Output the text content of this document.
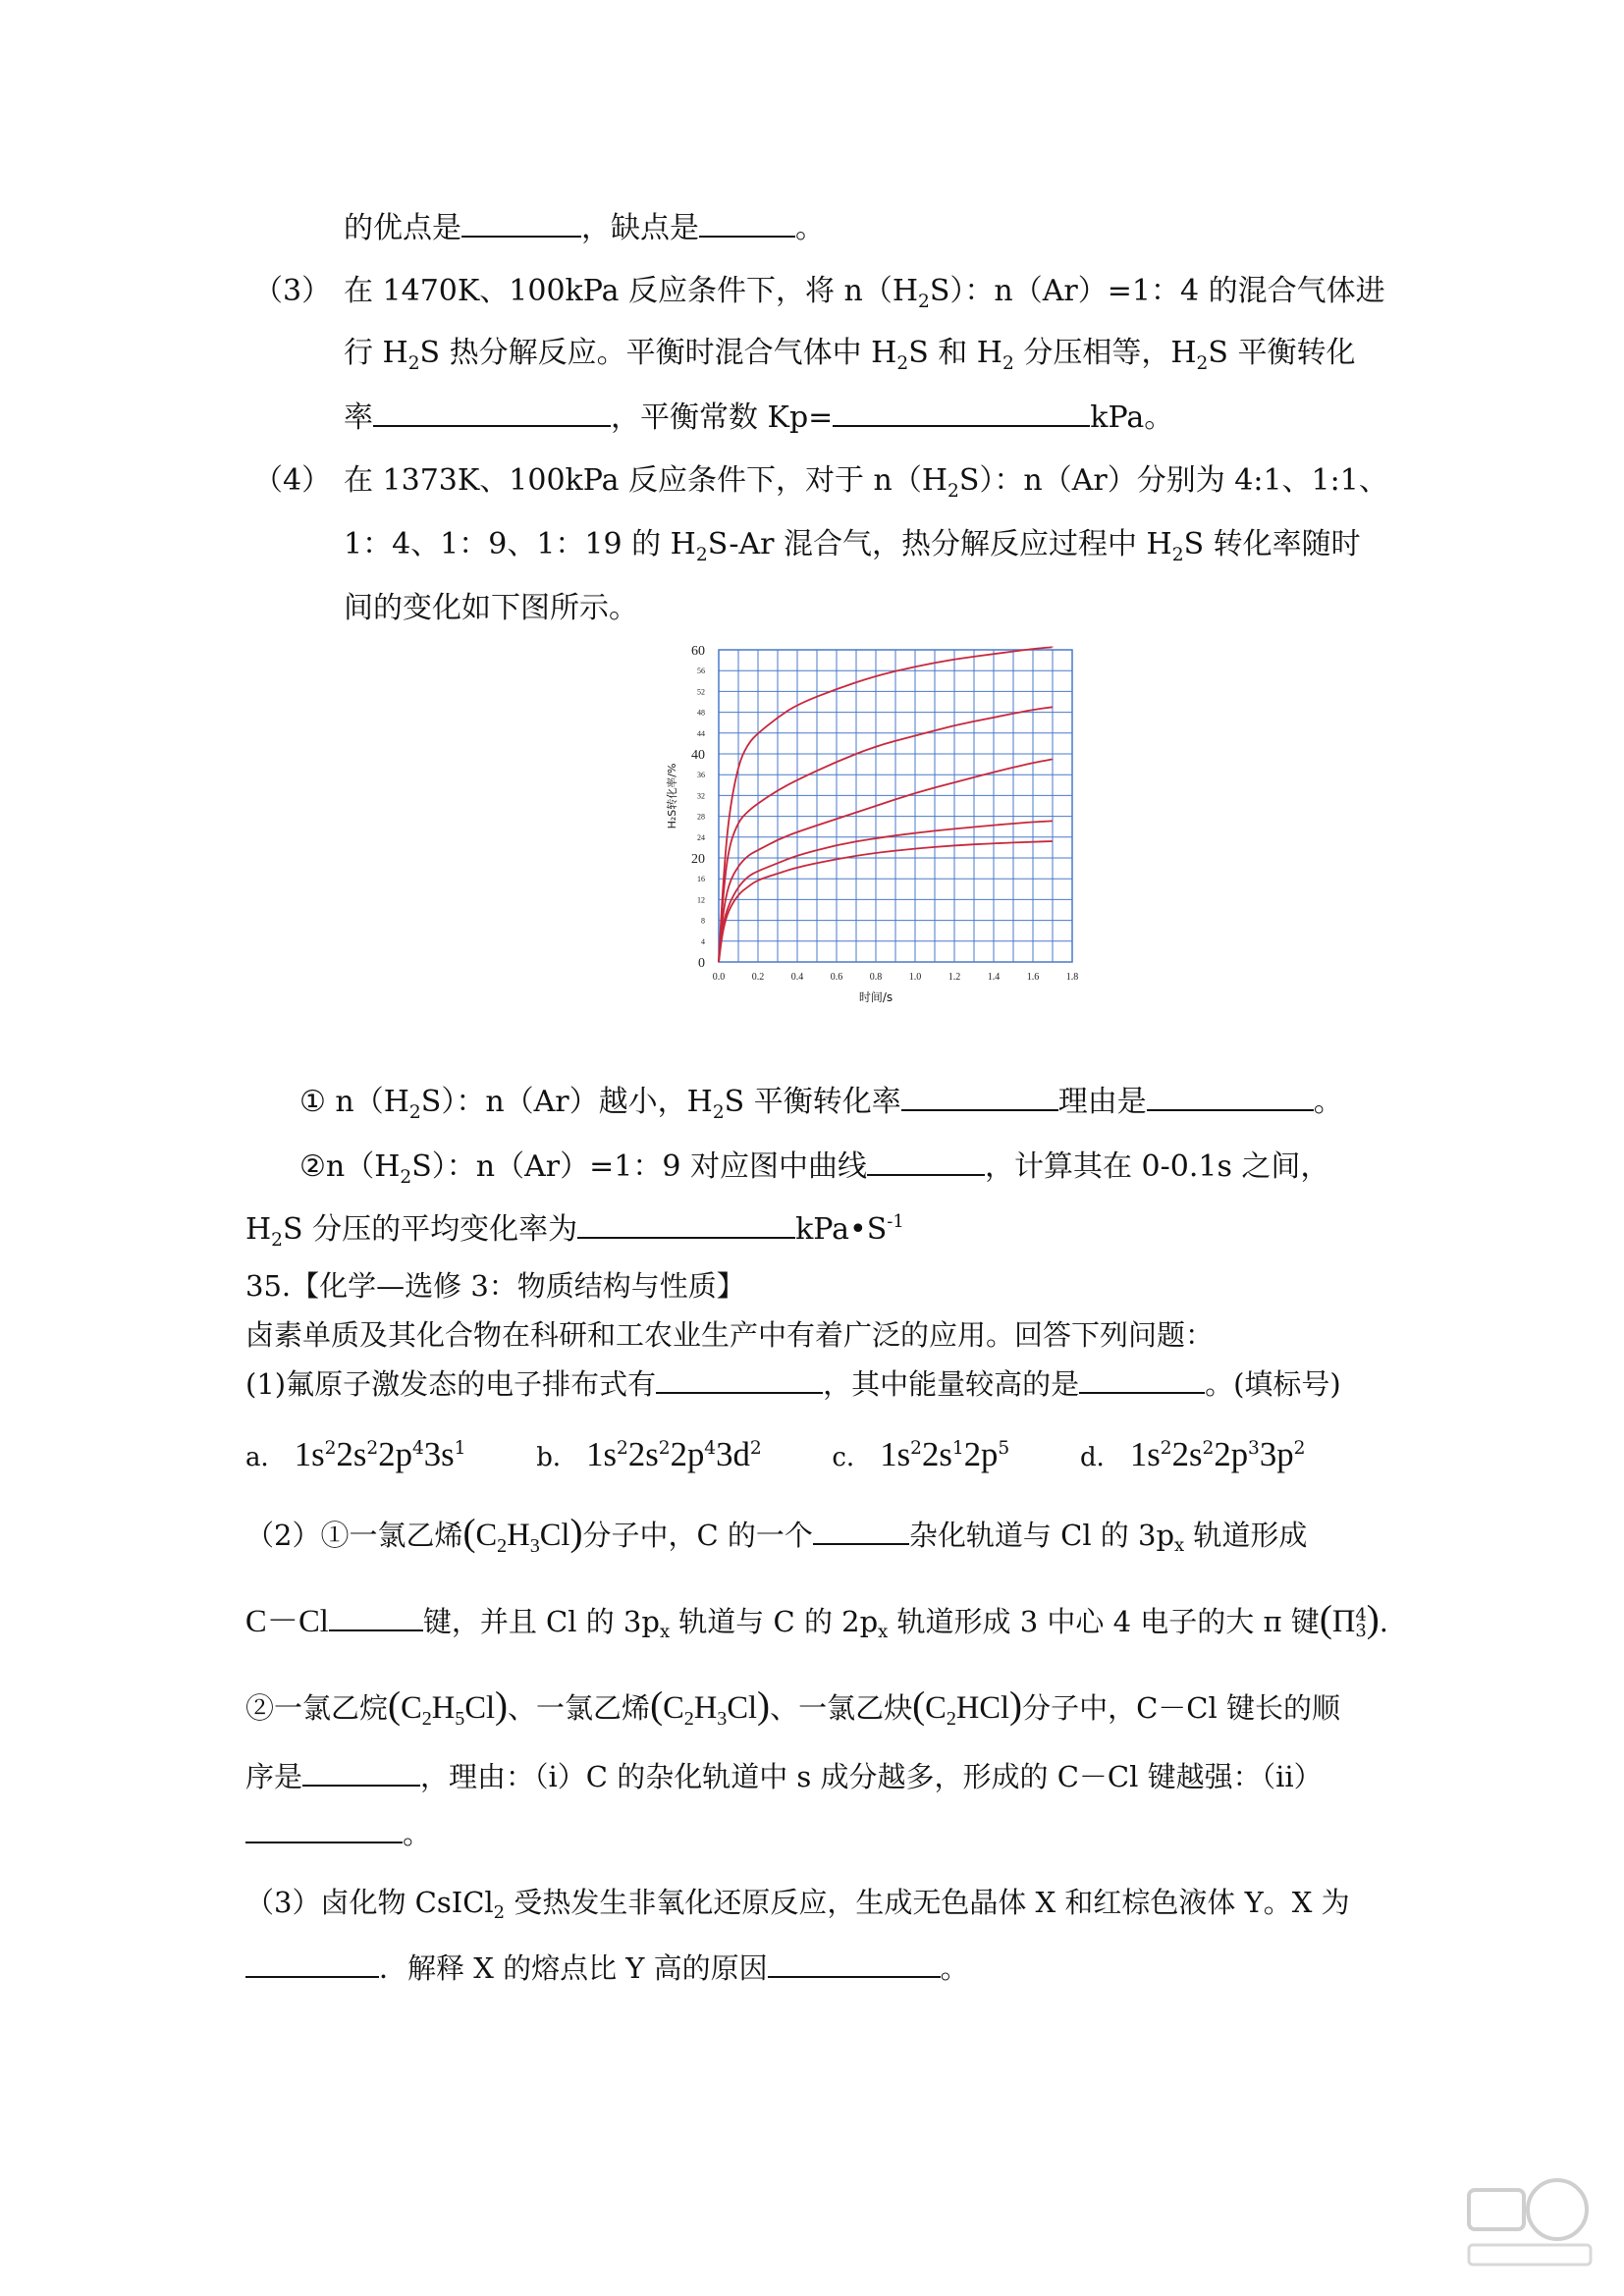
的优点是	，缺点是	。
（3） 在 1470K、100kPa 反应条件下，将 $n(H_2S)$：n（Ar）=1：4 的混合气体进
行 $H_2S$ 热分解反应。平衡时混合气体中 $H_2S$ 和 $H_2$ 分压相等，$H_2S$ 平衡转化
率	，平衡常数 Kp=	kPa。
（4） 在 1373K、100kPa 反应条件下，对于 $n(H_2S)$：n（Ar）分别为 4:1、1:1、
1：4、1：9、1：19 的 $H_2S-Ar$ 混合气，热分解反应过程中 $H_2S$ 转化率随时
间的变化如下图所示。
0.0	0.2	0.4	0.6	0.8	1.0	1.2	1.4	1.6	1.8
0
20
40
60
4
8
12
16
24
28
32
36
44
48
52
56
时间/s
H₂S转化率/%
① $n(H_2S)$：n（Ar）越小，$H_2S$ 平衡转化率	理由是	。
$②n(H_2S)$：n（Ar）=1：9 对应图中曲线	，计算其在 0-0.1s 之间，
$H_2S$ 分压的平均变化率为	$kPa•S^{-1}$
35.【化学—选修 3：物质结构与性质】
卤素单质及其化合物在科研和工农业生产中有着广泛的应用。回答下列问题：
(1)氟原子激发态的电子排布式有	，其中能量较高的是	。(填标号)
a． $1s^22s^22p^43s^1$	b． $1s^22s^22p^43d^2$	c． $1s^22s^12p^5$	d． $1s^22s^22p^33p^2$
（2）①一氯乙烯$(C_2H_3Cl)$分子中，C 的一个	杂化轨道与 Cl 的 $3p_x$ 轨道形成
C－Cl	键，并且 Cl 的 $3p_x$ 轨道与 C 的 $2p_x$ 轨道形成 3 中心 4 电子的大 π 键(Π 4
3 ).
②一氯乙烷$(C_2H_5Cl)$、一氯乙烯$(C_2H_3Cl)$、一氯乙炔$(C_2HCl)$分子中，C－Cl 键长的顺
序是	，理由：（ⅰ）C 的杂化轨道中 s 成分越多，形成的 C－Cl 键越强：（ⅱ）
。
（3）卤化物 CsICl$_2$ 受热发生非氧化还原反应，生成无色晶体 X 和红棕色液体 Y。X 为
．解释 X 的熔点比 Y 高的原因	。
